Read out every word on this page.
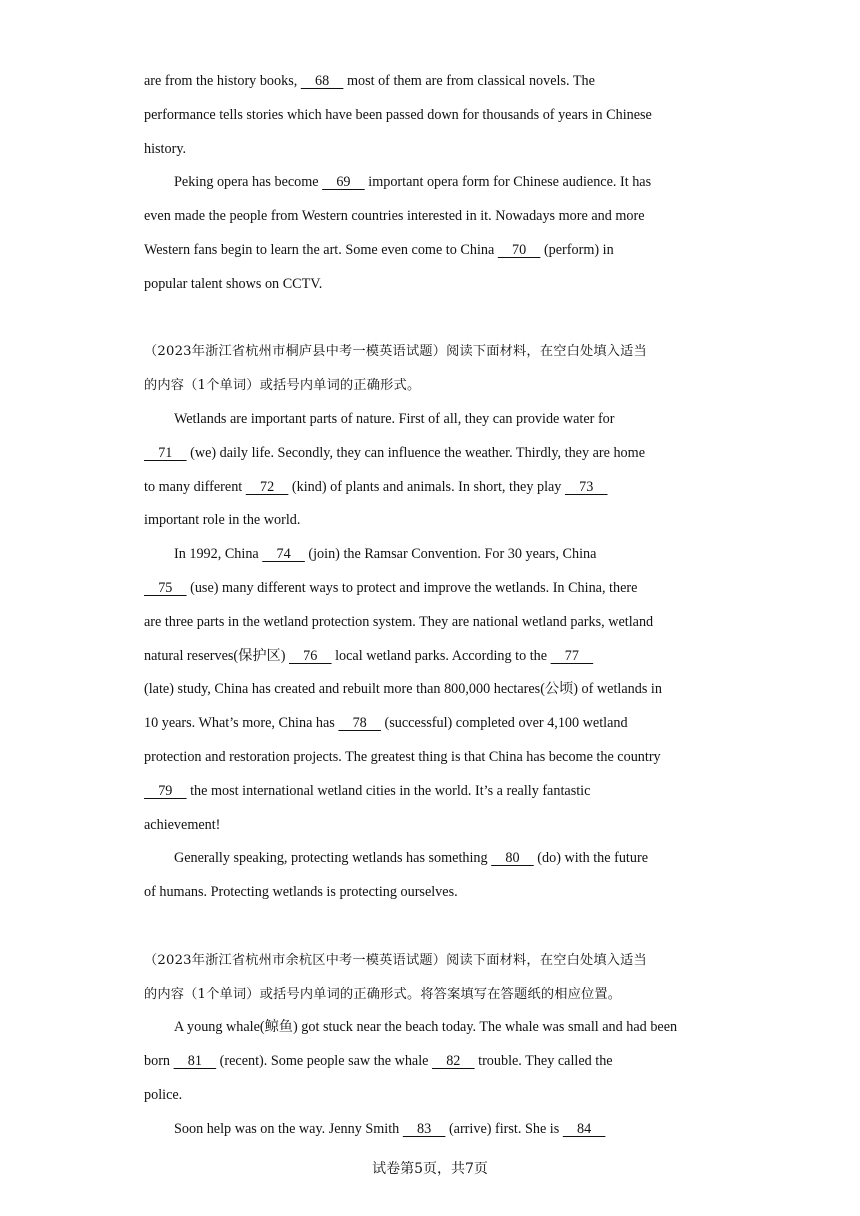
are from the history books,     68     most of them are from classical novels. The
performance tells stories which have been passed down for thousands of years in Chinese
history.
Peking opera has become     69     important opera form for Chinese audience. It has
even made the people from Western countries interested in it. Nowadays more and more
Western fans begin to learn the art. Some even come to China     70     (perform) in
popular talent shows on CCTV.
（2023年浙江省杭州市桐庐县中考一模英语试题）阅读下面材料，在空白处填入适当
的内容（1个单词）或括号内单词的正确形式。
Wetlands are important parts of nature. First of all, they can provide water for
71     (we) daily life. Secondly, they can influence the weather. Thirdly, they are home
to many different     72     (kind) of plants and animals. In short, they play     73
important role in the world.
In 1992, China     74     (join) the Ramsar Convention. For 30 years, China
75     (use) many different ways to protect and improve the wetlands. In China, there
are three parts in the wetland protection system. They are national wetland parks, wetland
natural reserves(保护区)     76     local wetland parks. According to the     77
(late) study, China has created and rebuilt more than 800,000 hectares(公顷) of wetlands in
10 years. What’s more, China has     78     (successful) completed over 4,100 wetland
protection and restoration projects. The greatest thing is that China has become the country
79     the most international wetland cities in the world. It’s a really fantastic
achievement!
Generally speaking, protecting wetlands has something     80     (do) with the future
of humans. Protecting wetlands is protecting ourselves.
（2023年浙江省杭州市余杭区中考一模英语试题）阅读下面材料，在空白处填入适当
的内容（1个单词）或括号内单词的正确形式。将答案填写在答题纸的相应位置。
A young whale(鲸鱼) got stuck near the beach today. The whale was small and had been
born     81     (recent). Some people saw the whale     82     trouble. They called the
police.
Soon help was on the way. Jenny Smith     83     (arrive) first. She is     84
试卷第5页，共7页
